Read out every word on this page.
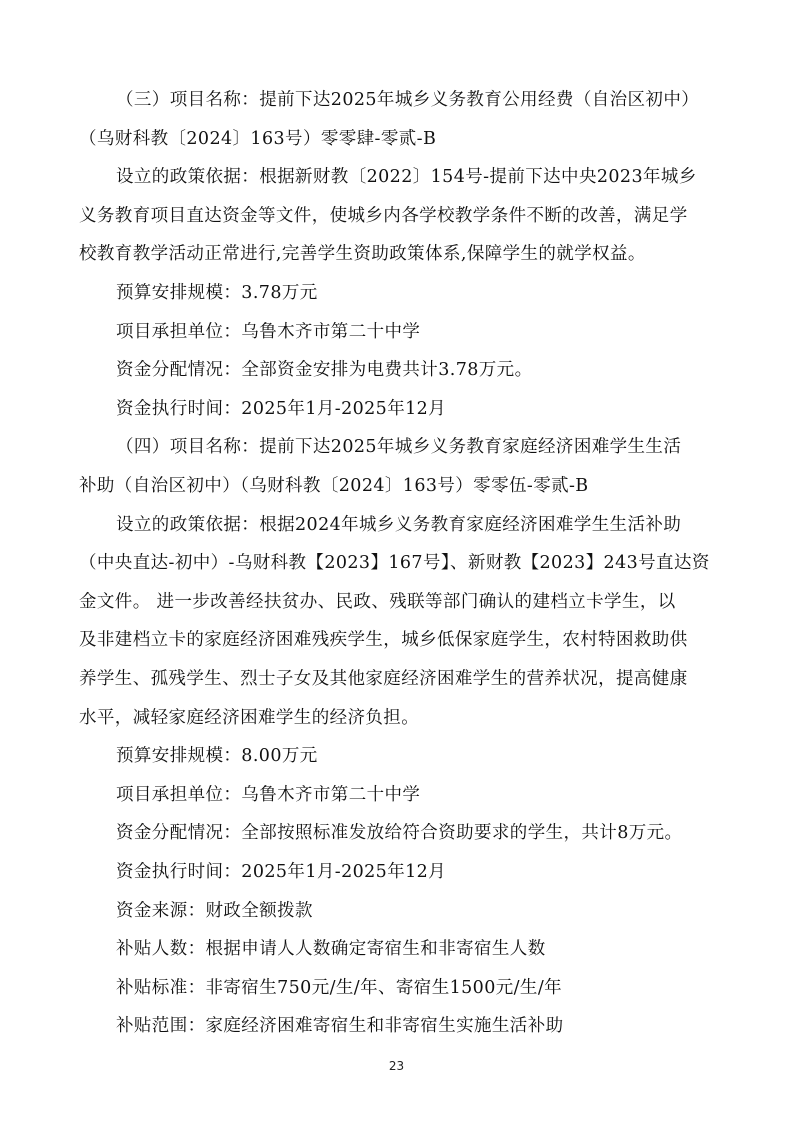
（三）项目名称：提前下达2025年城乡义务教育公用经费（自治区初中）
（乌财科教〔2024〕163号）零零肆-零贰-B
设立的政策依据：根据新财教〔2022〕154号-提前下达中央2023年城乡
义务教育项目直达资金等文件，使城乡内各学校教学条件不断的改善，满足学
校教育教学活动正常进行,完善学生资助政策体系,保障学生的就学权益。
预算安排规模：3.78万元
项目承担单位：乌鲁木齐市第二十中学
资金分配情况：全部资金安排为电费共计3.78万元。
资金执行时间：2025年1月-2025年12月
（四）项目名称：提前下达2025年城乡义务教育家庭经济困难学生生活
补助（自治区初中）（乌财科教〔2024〕163号）零零伍-零贰-B
设立的政策依据：根据2024年城乡义务教育家庭经济困难学生生活补助
（中央直达-初中）-乌财科教【2023】167号】、新财教【2023】243号直达资
金文件。 进一步改善经扶贫办、民政、残联等部门确认的建档立卡学生，以
及非建档立卡的家庭经济困难残疾学生，城乡低保家庭学生，农村特困救助供
养学生、孤残学生、烈士子女及其他家庭经济困难学生的营养状况，提高健康
水平，减轻家庭经济困难学生的经济负担。
预算安排规模：8.00万元
项目承担单位：乌鲁木齐市第二十中学
资金分配情况：全部按照标准发放给符合资助要求的学生，共计8万元。
资金执行时间：2025年1月-2025年12月
资金来源：财政全额拨款
补贴人数：根据申请人人数确定寄宿生和非寄宿生人数
补贴标准：非寄宿生750元/生/年、寄宿生1500元/生/年
补贴范围：家庭经济困难寄宿生和非寄宿生实施生活补助
23
